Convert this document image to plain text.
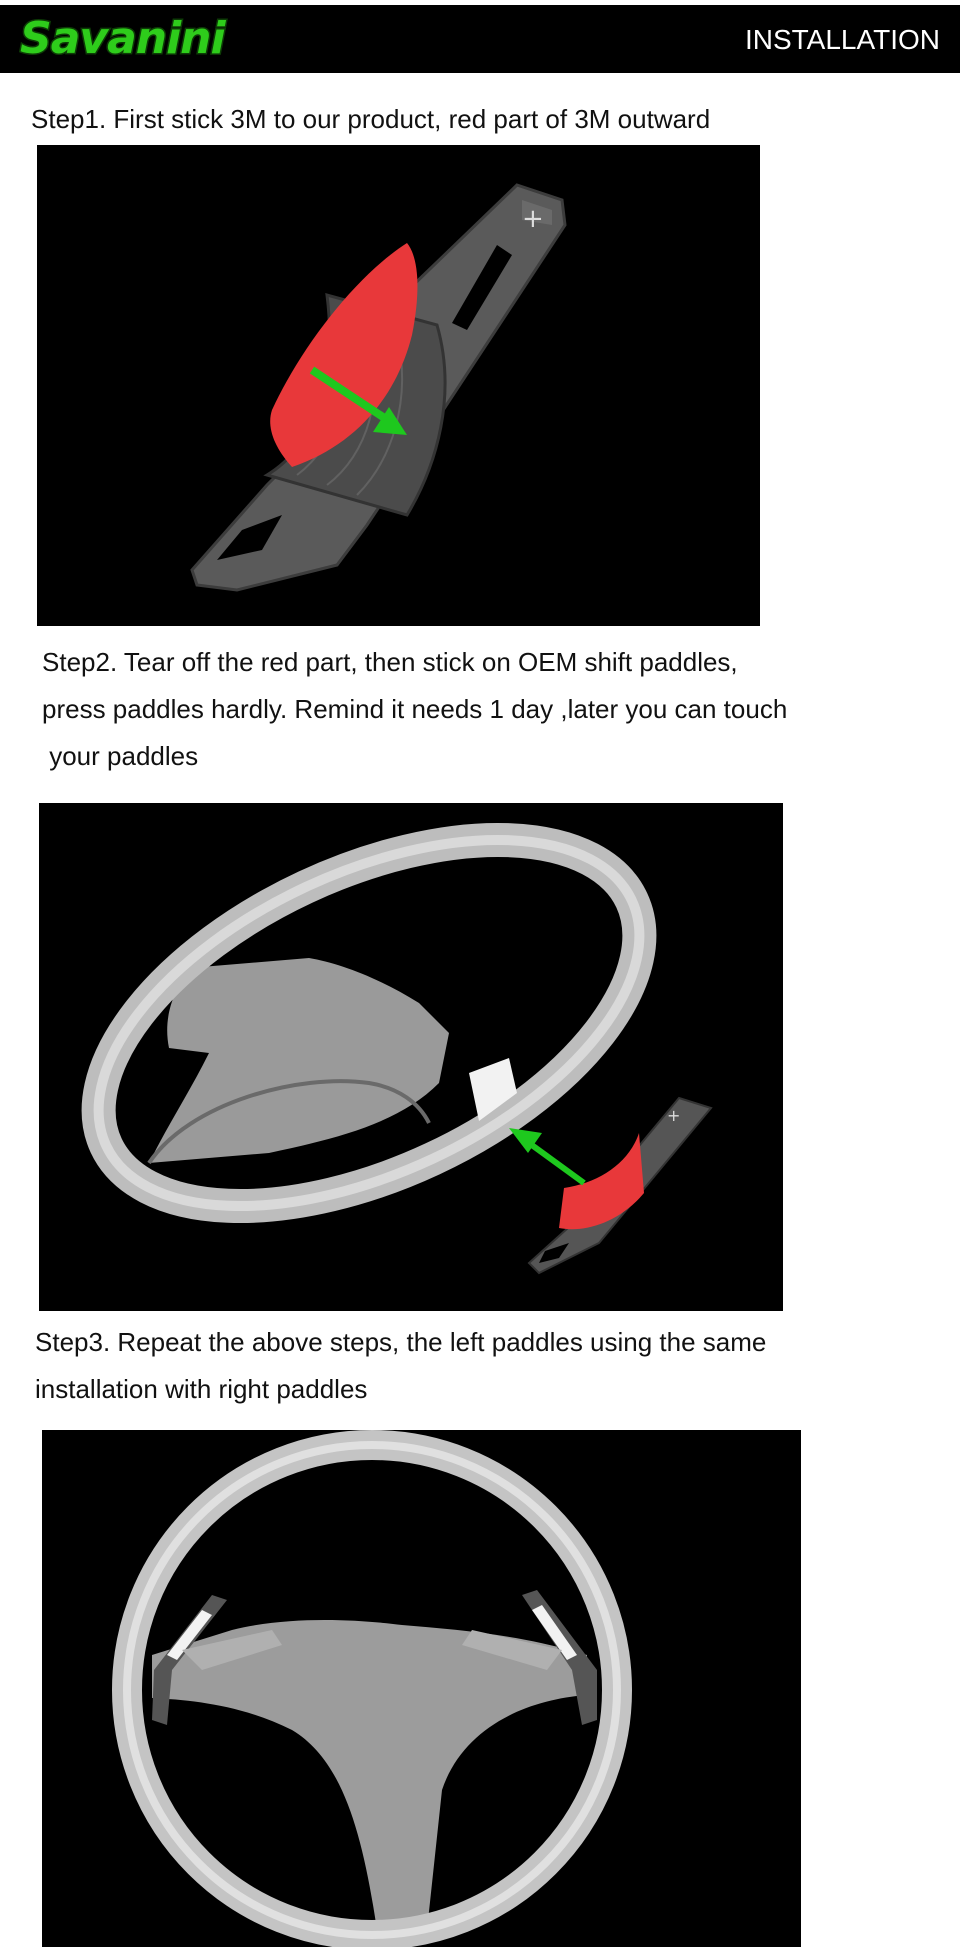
Savanini	INSTALLATION

Step1. First stick 3M to our product, red part of 3M outward

+

Step2. Tear off the red part, then stick on OEM shift paddles,
press paddles hardly. Remind it needs 1 day ,later you can touch
your paddles

+

Step3. Repeat the above steps, the left paddles using the same
installation with right paddles
